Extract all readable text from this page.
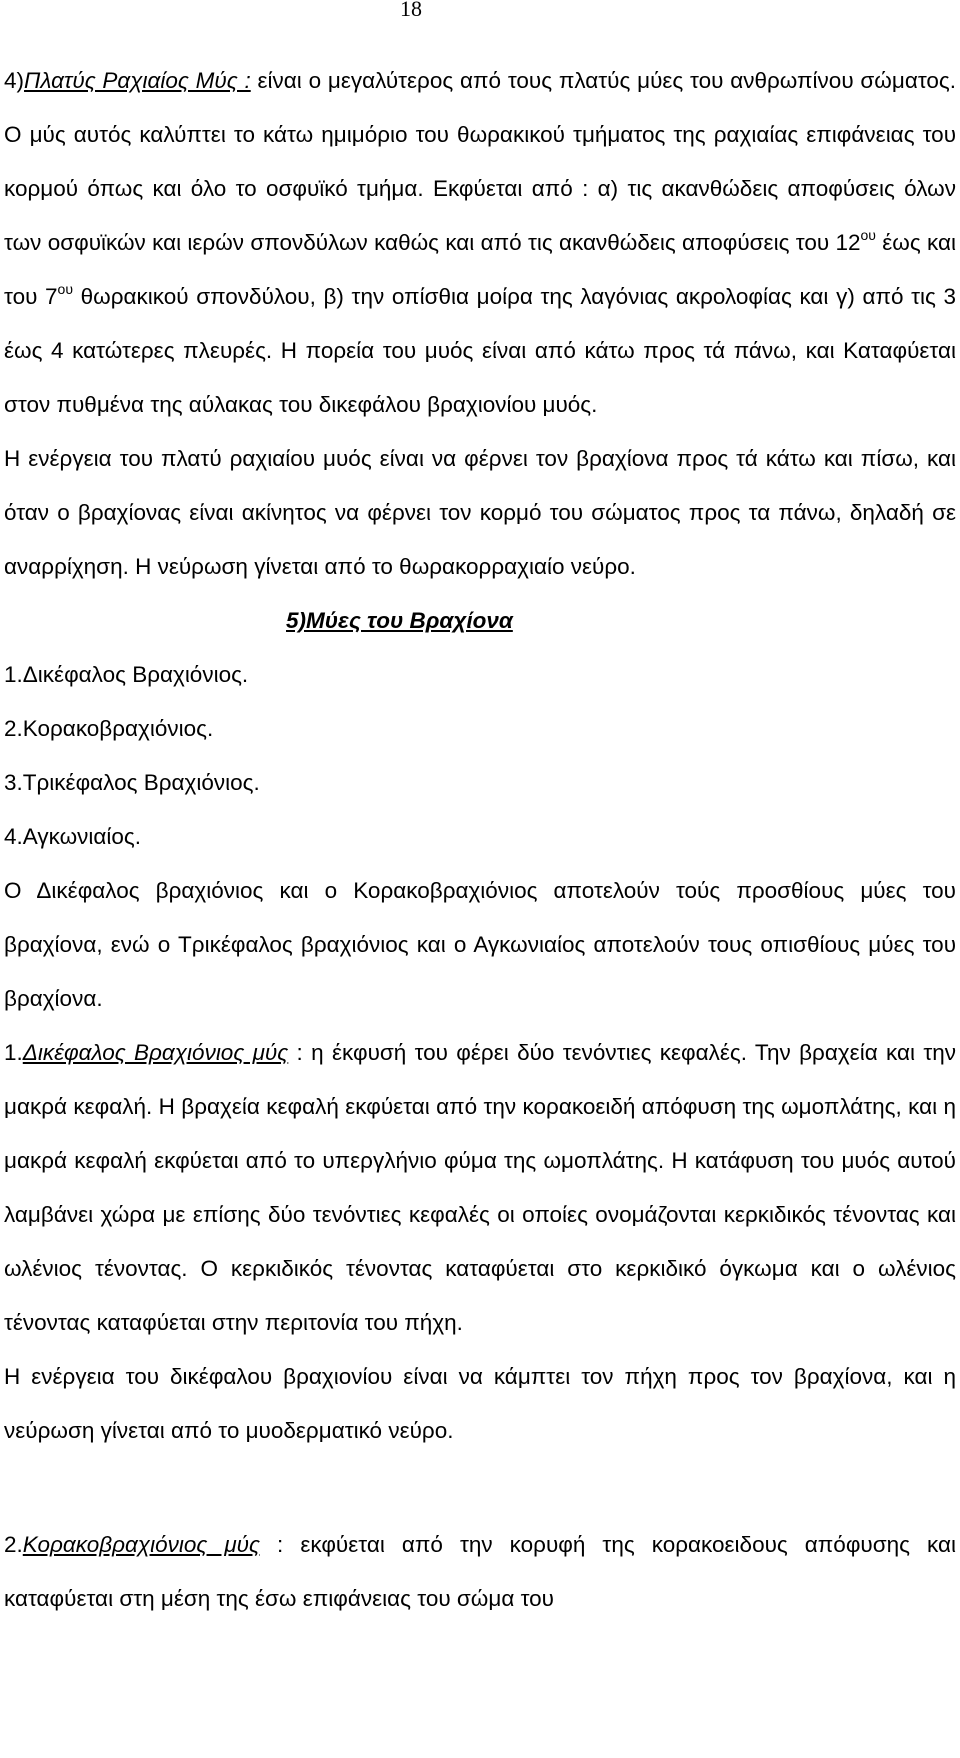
18

4)Πλατύς Ραχιαίος Μύς : είναι ο μεγαλύτερος από τους πλατύς μύες του ανθρωπίνου σώματος. Ο μύς αυτός καλύπτει το κάτω ημιμόριο του θωρακικού τμήματος της ραχιαίας επιφάνειας του κορμού όπως και όλο το οσφυϊκό τμήμα. Εκφύεται από : α) τις ακανθώδεις αποφύσεις όλων των οσφυϊκών και ιερών σπονδύλων καθώς και από τις ακανθώδεις αποφύσεις του $12^{o\upsilon}$ έως και του $7^{o\upsilon}$ θωρακικού σπονδύλου, β) την οπίσθια μοίρα της λαγόνιας ακρολοφίας και γ) από τις 3 έως 4 κατώτερες πλευρές. Η πορεία του μυός είναι από κάτω προς τά πάνω, και Καταφύεται στον πυθμένα της αύλακας του δικεφάλου βραχιονίου μυός.

Η ενέργεια του πλατύ ραχιαίου μυός είναι να φέρνει τον βραχίονα προς τά κάτω και πίσω, και όταν ο βραχίονας είναι ακίνητος να φέρνει τον κορμό του σώματος προς τα πάνω, δηλαδή σε αναρρίχηση. Η νεύρωση γίνεται από το θωρακορραχιαίο νεύρο.

5)Μύες του Βραχίονα

1.Δικέφαλος Βραχιόνιος.

2.Κορακοβραχιόνιος.

3.Τρικέφαλος Βραχιόνιος.

4.Αγκωνιαίος.

Ο Δικέφαλος βραχιόνιος και ο Κορακοβραχιόνιος αποτελούν τούς προσθίους μύες του βραχίονα, ενώ ο Τρικέφαλος βραχιόνιος και ο Αγκωνιαίος αποτελούν τους οπισθίους μύες του βραχίονα.

1.Δικέφαλος Βραχιόνιος μύς : η έκφυσή του φέρει δύο τενόντιες κεφαλές. Την βραχεία και την μακρά κεφαλή. Η βραχεία κεφαλή εκφύεται από την κορακοειδή απόφυση της ωμοπλάτης, και η μακρά κεφαλή εκφύεται από το υπεργλήνιο φύμα της ωμοπλάτης. Η κατάφυση του μυός αυτού λαμβάνει χώρα με επίσης δύο τενόντιες κεφαλές οι οποίες ονομάζονται κερκιδικός τένοντας και ωλένιος τένοντας. Ο κερκιδικός τένοντας καταφύεται στο κερκιδικό όγκωμα και ο ωλένιος τένοντας καταφύεται στην περιτονία του πήχη.

Η ενέργεια του δικέφαλου βραχιονίου είναι να κάμπτει τον πήχη προς τον βραχίονα, και η νεύρωση γίνεται από το μυοδερματικό νεύρο.

2.Κορακοβραχιόνιος μύς : εκφύεται από την κορυφή της κορακοειδους απόφυσης και καταφύεται στη μέση της έσω επιφάνειας του σώμα του
